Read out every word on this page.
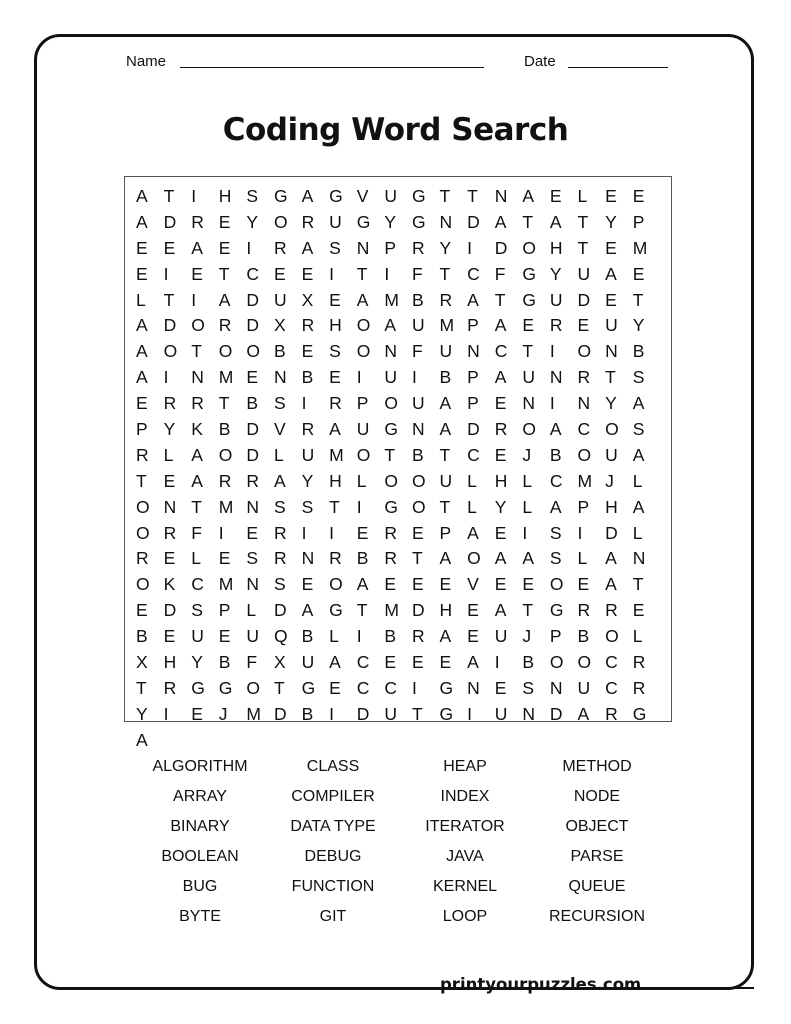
Name	Date
Coding Word Search
A T I	H S G A G V U G T T N A E L	E E
A D R E Y O R U G Y G N D A T A T Y P
E E A E I	R A S N P R Y I	D O H T E M
E I	E T C E E I	T I	F T C F G Y U A E
L	T I	A D U X E A M B R A T G U D E T
A D O R D X R H O A U M P A E R E U Y
A O T O O B E S O N F U N C T I	O N B
A I	N M E N B E I	U I	B P A U N R T S
E R R T B S I	R P O U A P E N I	N Y A
P Y K B D V R A U G N A D R O A C O S
R L	A O D L	U M O T B T C E J	B O U A
T E A R R A Y H L	O O U L	H L	C M J	L
O N T M N S S T I	G O T L	Y L	A P H A
O R F I	E R I	I	E R E P A E I	S I	D L
R E L	E S R N R B R T A O A A S L	A N
O K C M N S E O A E E E V E E O E A T
E D S P L	D A G T M D H E A T G R R E
B E U E U Q B L	I	B R A E U J	P B O L
X H Y B F X U A C E E E A I	B O O C R
T R G G O T G E C C I	G N E S N U C R
Y I	E J	M D B I	D U T G I	U N D A R G
A
ALGORITHM	CLASS	HEAP	METHOD
ARRAY	COMPILER	INDEX	NODE
BINARY	DATA TYPE	ITERATOR	OBJECT
BOOLEAN	DEBUG	JAVA	PARSE
BUG	FUNCTION	KERNEL	QUEUE
BYTE	GIT	LOOP	RECURSION
printyourpuzzles.com
